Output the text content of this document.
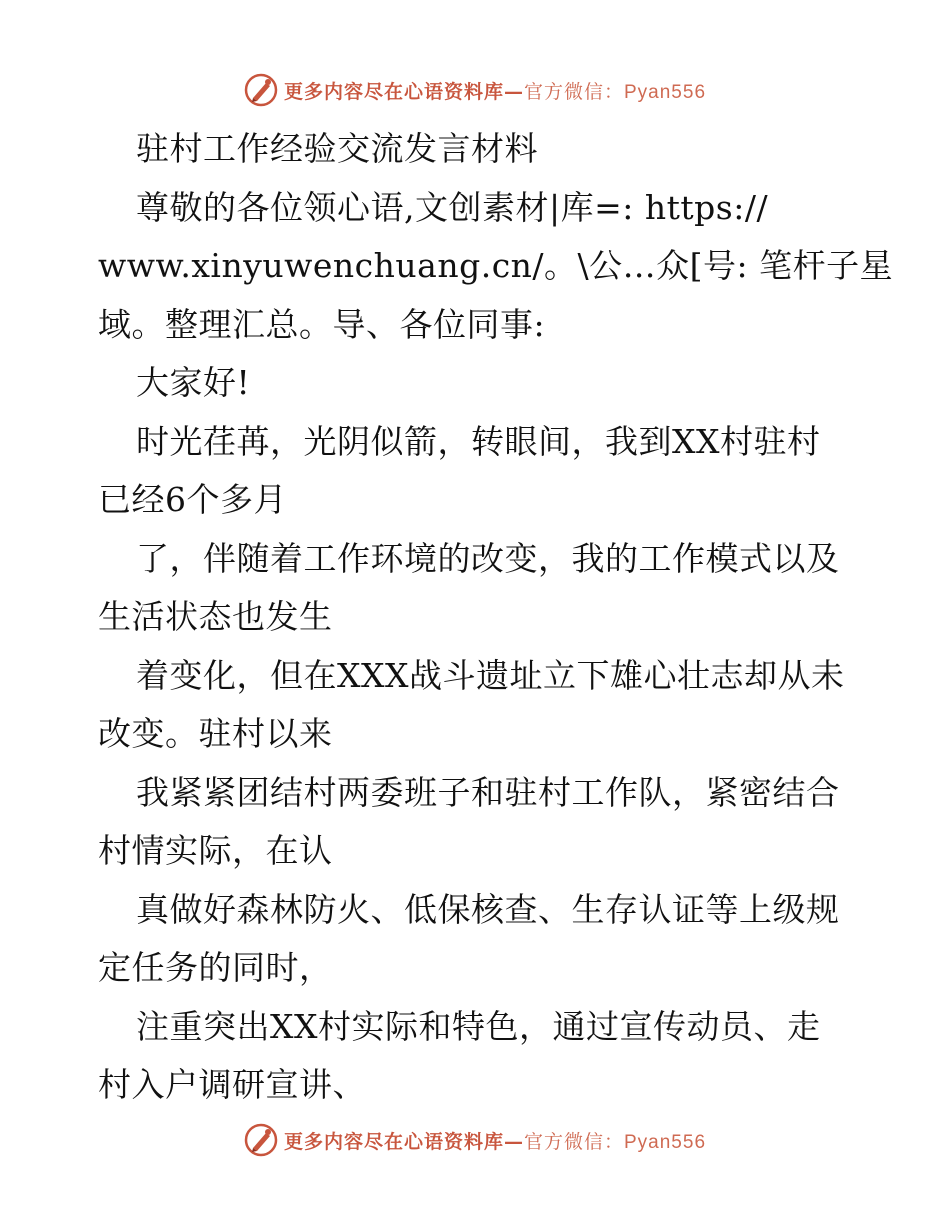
更多内容尽在心语资料库—官方微信：Pyan556
驻村工作经验交流发言材料
尊敬的各位领心语,文创素材|库=: https://
www.xinyuwenchuang.cn/。\公…众[号: 笔杆子星
域。整理汇总。导、各位同事:
大家好!
时光荏苒，光阴似箭，转眼间，我到XX村驻村
已经6个多月
了，伴随着工作环境的改变，我的工作模式以及
生活状态也发生
着变化，但在XXX战斗遗址立下雄心壮志却从未
改变。驻村以来
我紧紧团结村两委班子和驻村工作队，紧密结合
村情实际，在认
真做好森林防火、低保核查、生存认证等上级规
定任务的同时，
注重突出XX村实际和特色，通过宣传动员、走
村入户调研宣讲、
更多内容尽在心语资料库—官方微信：Pyan556
